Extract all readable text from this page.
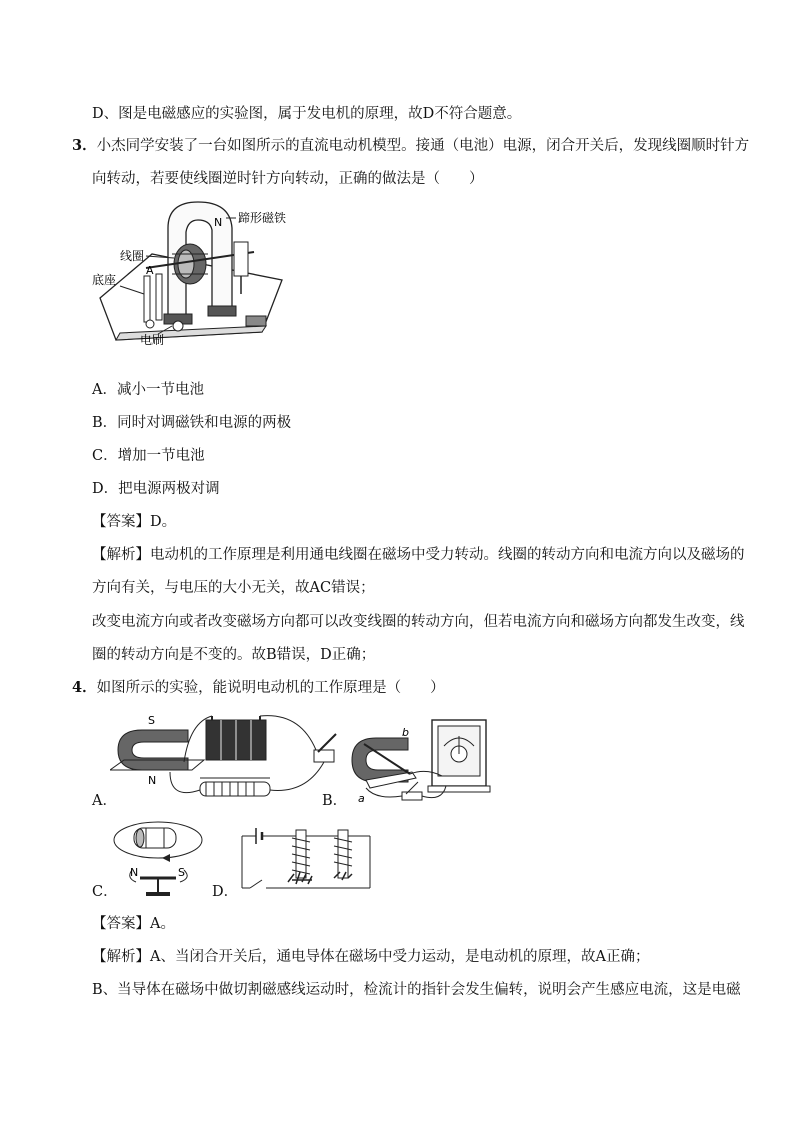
D、图是电磁感应的实验图，属于发电机的原理，故D不符合题意。
3．小杰同学安装了一台如图所示的直流电动机模型。接通（电池）电源，闭合开关后，发现线圈顺时针方
向转动，若要使线圈逆时针方向转动，正确的做法是（　　）
N 蹄形磁铁
线圈
A
底座
电刷
A．减小一节电池
B．同时对调磁铁和电源的两极
C．增加一节电池
D．把电源两极对调
【答案】D。
【解析】电动机的工作原理是利用通电线圈在磁场中受力转动。线圈的转动方向和电流方向以及磁场的
方向有关，与电压的大小无关，故AC错误；
改变电流方向或者改变磁场方向都可以改变线圈的转动方向，但若电流方向和磁场方向都发生改变，线
圈的转动方向是不变的。故B错误，D正确；
4．如图所示的实验，能说明电动机的工作原理是（　　）
A．
S
N
B．
b
a
C．
N	S
D．
【答案】A。
【解析】A、当闭合开关后，通电导体在磁场中受力运动，是电动机的原理，故A正确；
B、当导体在磁场中做切割磁感线运动时，检流计的指针会发生偏转，说明会产生感应电流，这是电磁
